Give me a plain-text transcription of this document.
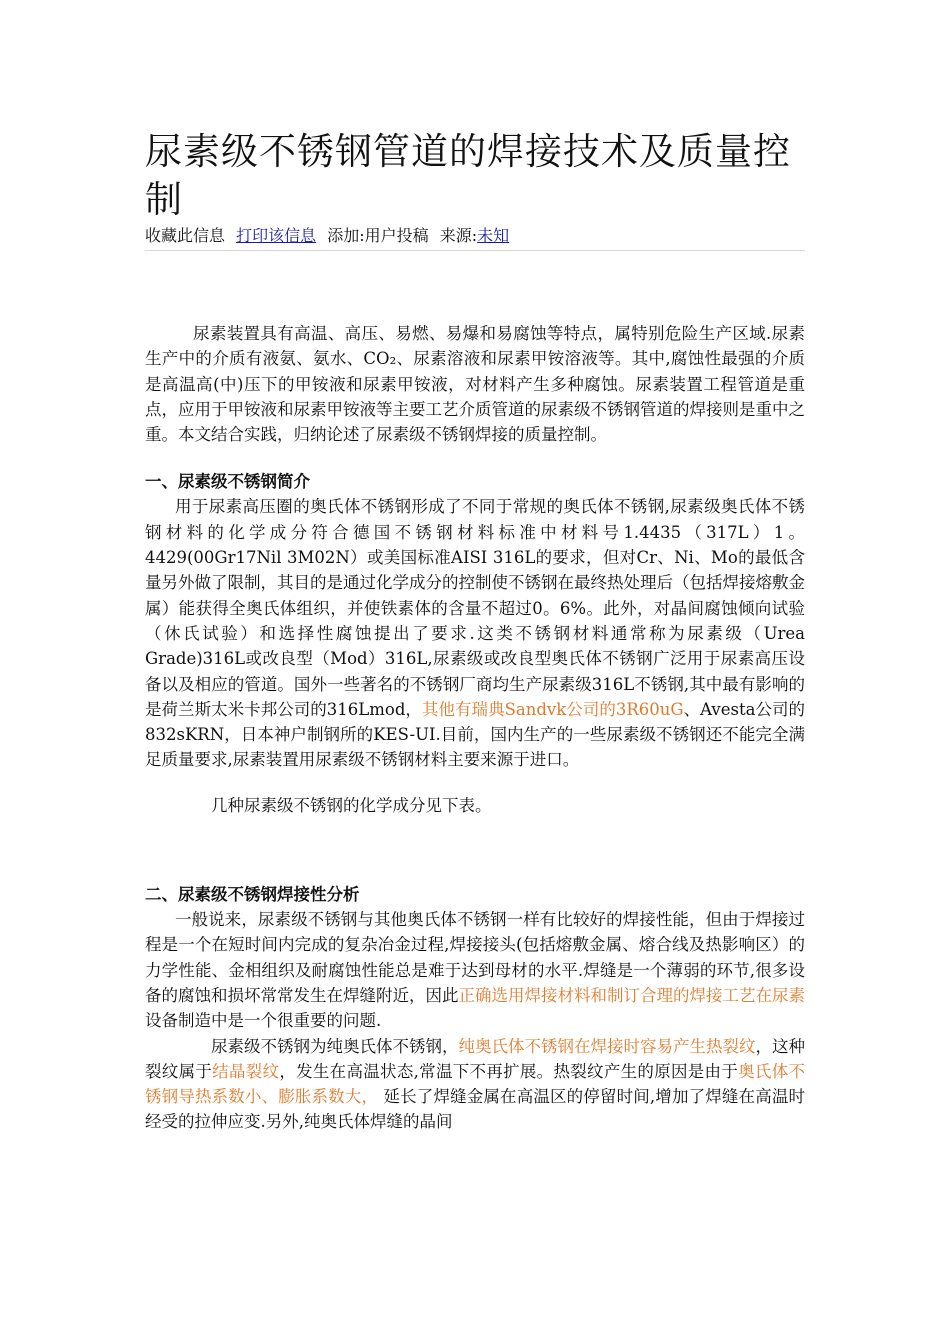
尿素级不锈钢管道的焊接技术及质量控制
收藏此信息 打印该信息 添加:用户投稿 来源:未知

尿素装置具有高温、高压、易燃、易爆和易腐蚀等特点，属特别危险生产区域.尿素生产中的介质有液氨、氨水、CO₂、尿素溶液和尿素甲铵溶液等。其中,腐蚀性最强的介质是高温高(中)压下的甲铵液和尿素甲铵液，对材料产生多种腐蚀。尿素装置工程管道是重点，应用于甲铵液和尿素甲铵液等主要工艺介质管道的尿素级不锈钢管道的焊接则是重中之重。本文结合实践，归纳论述了尿素级不锈钢焊接的质量控制。

一、尿素级不锈钢简介

用于尿素高压圈的奥氏体不锈钢形成了不同于常规的奥氏体不锈钢,尿素级奥氏体不锈钢材料的化学成分符合德国不锈钢材料标准中材料号1.4435（317L）1。4429(00Gr17Nil 3M02N）或美国标准AISI 316L的要求，但对Cr、Ni、Mo的最低含量另外做了限制，其目的是通过化学成分的控制使不锈钢在最终热处理后（包括焊接熔敷金属）能获得全奥氏体组织，并使铁素体的含量不超过0。6%。此外，对晶间腐蚀倾向试验（休氏试验）和选择性腐蚀提出了要求.这类不锈钢材料通常称为尿素级（Urea Grade)316L或改良型（Mod）316L,尿素级或改良型奥氏体不锈钢广泛用于尿素高压设备以及相应的管道。国外一些著名的不锈钢厂商均生产尿素级316L不锈钢,其中最有影响的是荷兰斯太米卡邦公司的316Lmod，其他有瑞典Sandvk公司的3R60uG、Avesta公司的832sKRN，日本神户制钢所的KES-UI.目前，国内生产的一些尿素级不锈钢还不能完全满足质量要求,尿素装置用尿素级不锈钢材料主要来源于进口。

几种尿素级不锈钢的化学成分见下表。

二、尿素级不锈钢焊接性分析

一般说来，尿素级不锈钢与其他奥氏体不锈钢一样有比较好的焊接性能，但由于焊接过程是一个在短时间内完成的复杂冶金过程,焊接接头(包括熔敷金属、熔合线及热影响区）的力学性能、金相组织及耐腐蚀性能总是难于达到母材的水平.焊缝是一个薄弱的环节,很多设备的腐蚀和损坏常常发生在焊缝附近，因此正确选用焊接材料和制订合理的焊接工艺在尿素设备制造中是一个很重要的问题.

尿素级不锈钢为纯奥氏体不锈钢，纯奥氏体不锈钢在焊接时容易产生热裂纹，这种裂纹属于结晶裂纹，发生在高温状态,常温下不再扩展。热裂纹产生的原因是由于奥氏体不锈钢导热系数小、膨胀系数大， 延长了焊缝金属在高温区的停留时间,增加了焊缝在高温时经受的拉伸应变.另外,纯奥氏体焊缝的晶间
